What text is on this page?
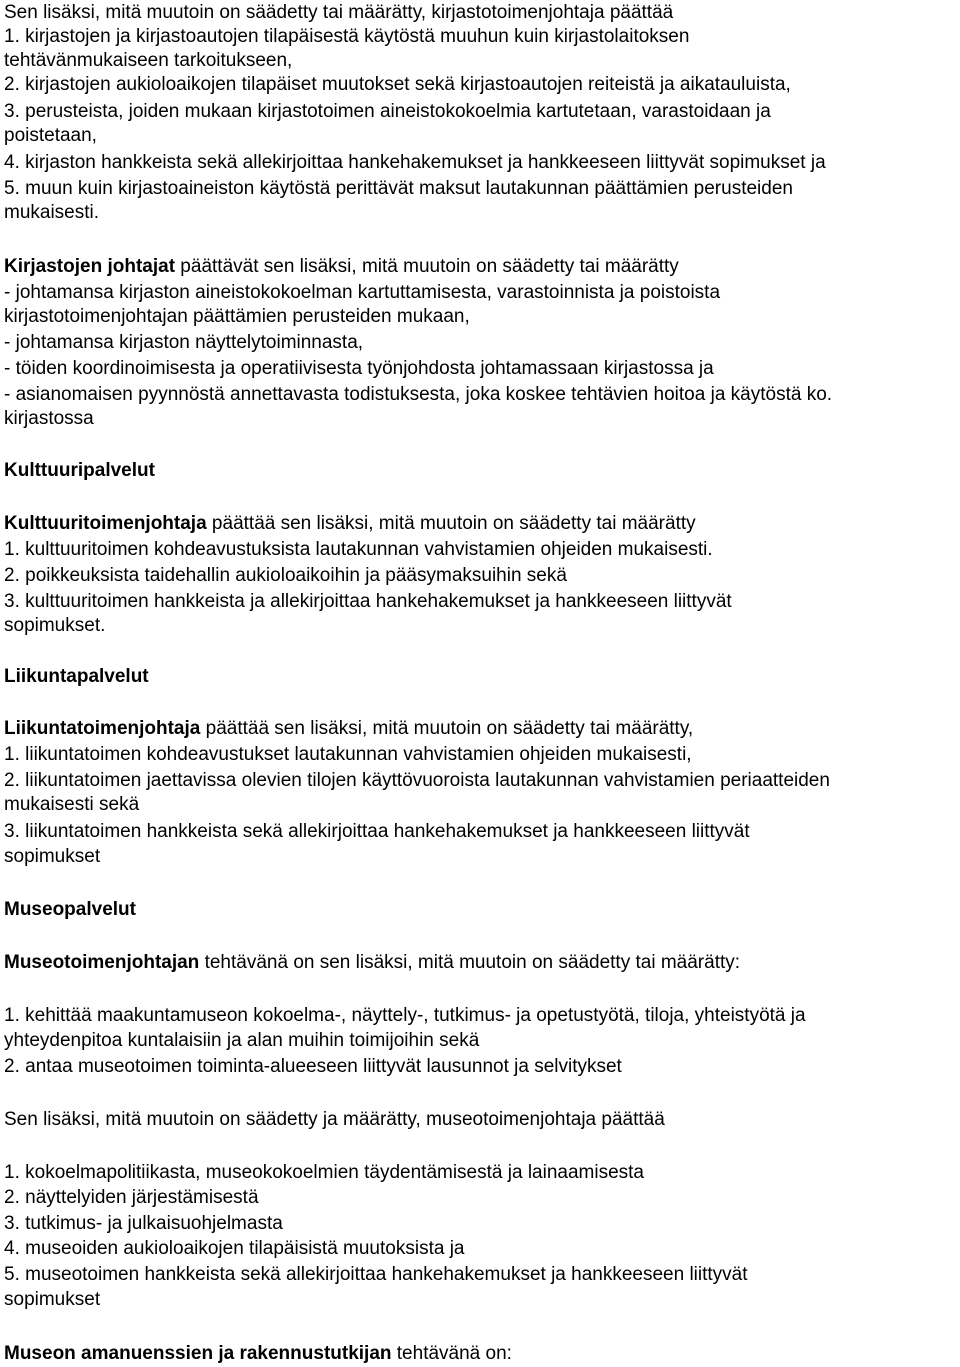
Sen lisäksi, mitä muutoin on säädetty tai määrätty, kirjastotoimenjohtaja päättää
1. kirjastojen ja kirjastoautojen tilapäisestä käytöstä muuhun kuin kirjastolaitoksen
tehtävänmukaiseen tarkoitukseen,
2. kirjastojen aukioloaikojen tilapäiset muutokset sekä kirjastoautojen reiteistä ja aikatauluista,
3. perusteista, joiden mukaan kirjastotoimen aineistokokoelmia kartutetaan, varastoidaan ja
poistetaan,
4. kirjaston hankkeista sekä allekirjoittaa hankehakemukset ja hankkeeseen liittyvät sopimukset ja
5. muun kuin kirjastoaineiston käytöstä perittävät maksut lautakunnan päättämien perusteiden
mukaisesti.
Kirjastojen johtajat päättävät sen lisäksi, mitä muutoin on säädetty tai määrätty
- johtamansa kirjaston aineistokokoelman kartuttamisesta, varastoinnista ja poistoista
kirjastotoimenjohtajan päättämien perusteiden mukaan,
- johtamansa kirjaston näyttelytoiminnasta,
- töiden koordinoimisesta ja operatiivisesta työnjohdosta johtamassaan kirjastossa ja
- asianomaisen pyynnöstä annettavasta todistuksesta, joka koskee tehtävien hoitoa ja käytöstä ko.
kirjastossa
Kulttuuripalvelut
Kulttuuritoimenjohtaja päättää sen lisäksi, mitä muutoin on säädetty tai määrätty
1. kulttuuritoimen kohdeavustuksista lautakunnan vahvistamien ohjeiden mukaisesti.
2. poikkeuksista taidehallin aukioloaikoihin ja pääsymaksuihin sekä
3. kulttuuritoimen hankkeista ja allekirjoittaa hankehakemukset ja hankkeeseen liittyvät
sopimukset.
Liikuntapalvelut
Liikuntatoimenjohtaja päättää sen lisäksi, mitä muutoin on säädetty tai määrätty,
1. liikuntatoimen kohdeavustukset lautakunnan vahvistamien ohjeiden mukaisesti,
2. liikuntatoimen jaettavissa olevien tilojen käyttövuoroista lautakunnan vahvistamien periaatteiden
mukaisesti sekä
3. liikuntatoimen hankkeista sekä allekirjoittaa hankehakemukset ja hankkeeseen liittyvät
sopimukset
Museopalvelut
Museotoimenjohtajan tehtävänä on sen lisäksi, mitä muutoin on säädetty tai määrätty:
1. kehittää maakuntamuseon kokoelma-, näyttely-, tutkimus- ja opetustyötä, tiloja, yhteistyötä ja
yhteydenpitoa kuntalaisiin ja alan muihin toimijoihin sekä
2. antaa museotoimen toiminta-alueeseen liittyvät lausunnot ja selvitykset
Sen lisäksi, mitä muutoin on säädetty ja määrätty, museotoimenjohtaja päättää
1. kokoelmapolitiikasta, museokokoelmien täydentämisestä ja lainaamisesta
2. näyttelyiden järjestämisestä
3. tutkimus- ja julkaisuohjelmasta
4. museoiden aukioloaikojen tilapäisistä muutoksista ja
5. museotoimen hankkeista sekä allekirjoittaa hankehakemukset ja hankkeeseen liittyvät
sopimukset
Museon amanuenssien ja rakennustutkijan tehtävänä on:
